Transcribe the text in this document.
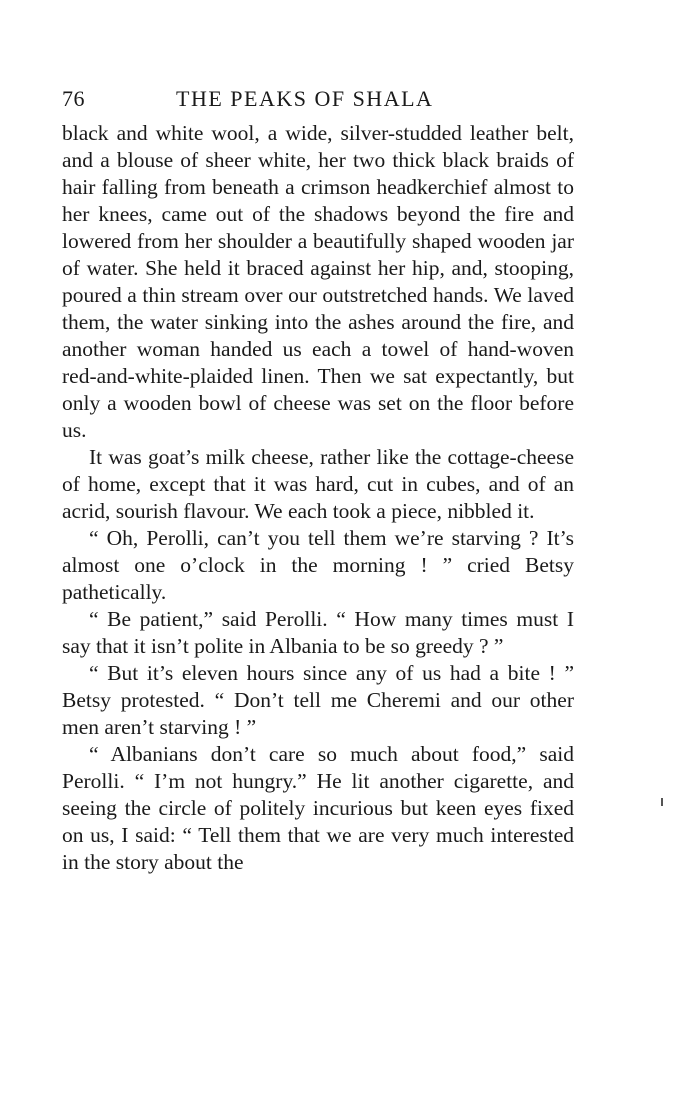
76	THE PEAKS OF SHALA

black and white wool, a wide, silver-studded leather belt, and a blouse of sheer white, her two thick black braids of hair falling from beneath a crimson headkerchief almost to her knees, came out of the shadows beyond the fire and lowered from her shoulder a beautifully shaped wooden jar of water. She held it braced against her hip, and, stooping, poured a thin stream over our outstretched hands. We laved them, the water sinking into the ashes around the fire, and another woman handed us each a towel of hand-woven red-and-white-plaided linen. Then we sat expectantly, but only a wooden bowl of cheese was set on the floor before us.

It was goat’s milk cheese, rather like the cottage-cheese of home, except that it was hard, cut in cubes, and of an acrid, sourish flavour. We each took a piece, nibbled it.

“ Oh, Perolli, can’t you tell them we’re starving ? It’s almost one o’clock in the morning ! ” cried Betsy pathetically.

“ Be patient,” said Perolli. “ How many times must I say that it isn’t polite in Albania to be so greedy ? ”

“ But it’s eleven hours since any of us had a bite ! ” Betsy protested. “ Don’t tell me Cheremi and our other men aren’t starving ! ”

“ Albanians don’t care so much about food,” said Perolli. “ I’m not hungry.” He lit another cigarette, and seeing the circle of politely incurious but keen eyes fixed on us, I said: “ Tell them that we are very much interested in the story about the
